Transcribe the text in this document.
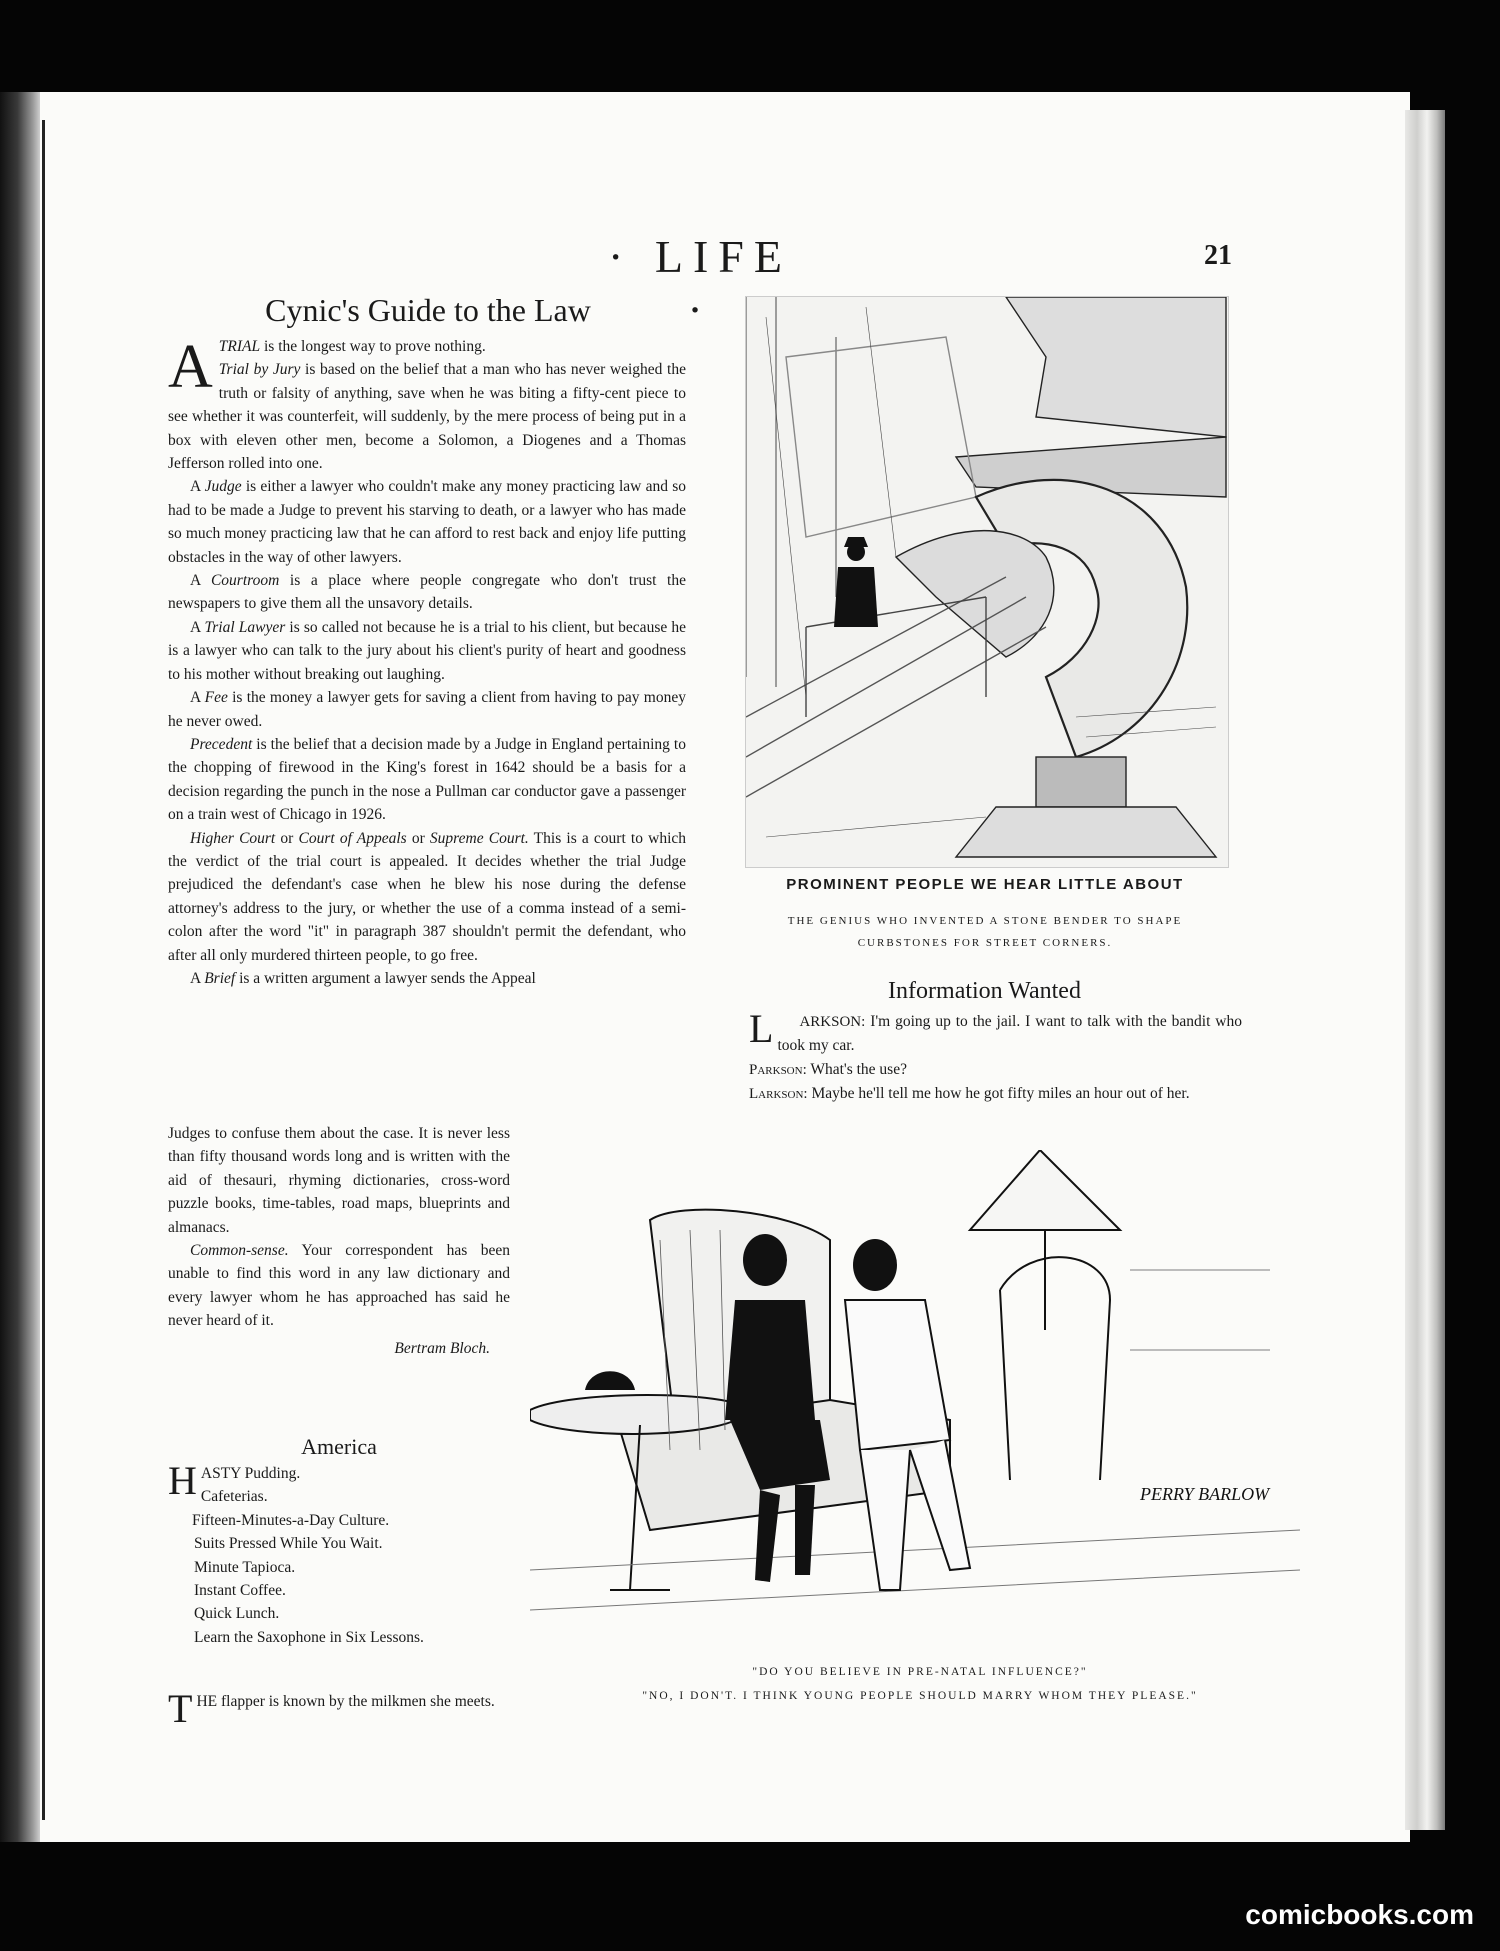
· LIFE ·
21
Cynic's Guide to the Law

ATRIAL is the longest way to prove nothing.
Trial by Jury is based on the belief that a man who has never weighed the truth or falsity of anything, save when he was biting a fifty-cent piece to see whether it was counterfeit, will suddenly, by the mere process of being put in a box with eleven other men, become a Solomon, a Diogenes and a Thomas Jefferson rolled into one.

A Judge is either a lawyer who couldn't make any money practicing law and so had to be made a Judge to prevent his starving to death, or a lawyer who has made so much money practicing law that he can afford to rest back and enjoy life putting obstacles in the way of other lawyers.

A Courtroom is a place where people congregate who don't trust the newspapers to give them all the unsavory details.

A Trial Lawyer is so called not because he is a trial to his client, but because he is a lawyer who can talk to the jury about his client's purity of heart and goodness to his mother without breaking out laughing.

A Fee is the money a lawyer gets for saving a client from having to pay money he never owed.

Precedent is the belief that a decision made by a Judge in England pertaining to the chopping of firewood in the King's forest in 1642 should be a basis for a decision regarding the punch in the nose a Pullman car conductor gave a passenger on a train west of Chicago in 1926.

Higher Court or Court of Appeals or Supreme Court. This is a court to which the verdict of the trial court is appealed. It decides whether the trial Judge prejudiced the defendant's case when he blew his nose during the defense attorney's address to the jury, or whether the use of a comma instead of a semi-colon after the word "it" in paragraph 387 shouldn't permit the defendant, who after all only murdered thirteen people, to go free.

A Brief is a written argument a lawyer sends the Appeal

Judges to confuse them about the case. It is never less than fifty thousand words long and is written with the aid of thesauri, rhyming dictionaries, cross-word puzzle books, time-tables, road maps, blueprints and almanacs.

Common-sense. Your correspondent has been unable to find this word in any law dictionary and every lawyer whom he has approached has said he never heard of it.

Bertram Bloch.
America
H ASTY Pudding.
Cafeterias.
Fifteen-Minutes-a-Day Culture.
Suits Pressed While You Wait.
Minute Tapioca.
Instant Coffee.
Quick Lunch.
Learn the Saxophone in Six Lessons.
THE flapper is known by the milkmen she meets.
PROMINENT PEOPLE WE HEAR LITTLE ABOUT
THE GENIUS WHO INVENTED A STONE BENDER TO SHAPE
CURBSTONES FOR STREET CORNERS.
Information Wanted

L ARKSON: I'm going up to the jail. I want to talk with the bandit who took my car.

Parkson: What's the use?

Larkson: Maybe he'll tell me how he got fifty miles an hour out of her.

PERRY BARLOW
"DO YOU BELIEVE IN PRE-NATAL INFLUENCE?"
"NO, I DON'T. I THINK YOUNG PEOPLE SHOULD MARRY WHOM THEY PLEASE."
comicbooks.com
